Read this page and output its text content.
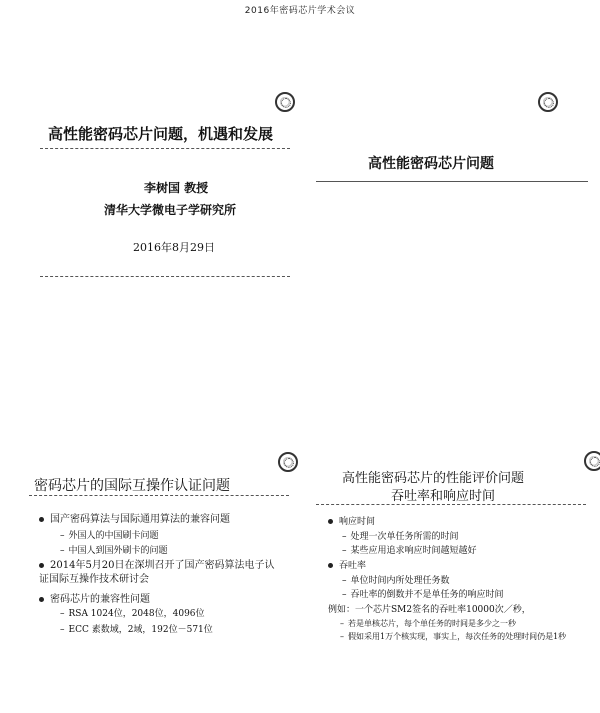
2016年密码芯片学术会议
高性能密码芯片问题，机遇和发展
李树国 教授
清华大学微电子学研究所
2016年8月29日
高性能密码芯片问题
密码芯片的国际互操作认证问题
国产密码算法与国际通用算法的兼容问题
– 外国人的中国刷卡问题
– 中国人到国外刷卡的问题
2014年5月20日在深圳召开了国产密码算法电子认证国际互操作技术研讨会
密码芯片的兼容性问题
– RSA 1024位，2048位，4096位
– ECC 素数域，2域，192位－571位
高性能密码芯片的性能评价问题
吞吐率和响应时间
响应时间
– 处理一次单任务所需的时间
– 某些应用追求响应时间越短越好
吞吐率
– 单位时间内所处理任务数
– 吞吐率的倒数并不是单任务的响应时间
例如：一个芯片SM2签名的吞吐率10000次／秒，
– 若是单核芯片，每个单任务的时间是多少之一秒
– 假如采用1万个核实现，事实上，每次任务的处理时间仍是1秒
